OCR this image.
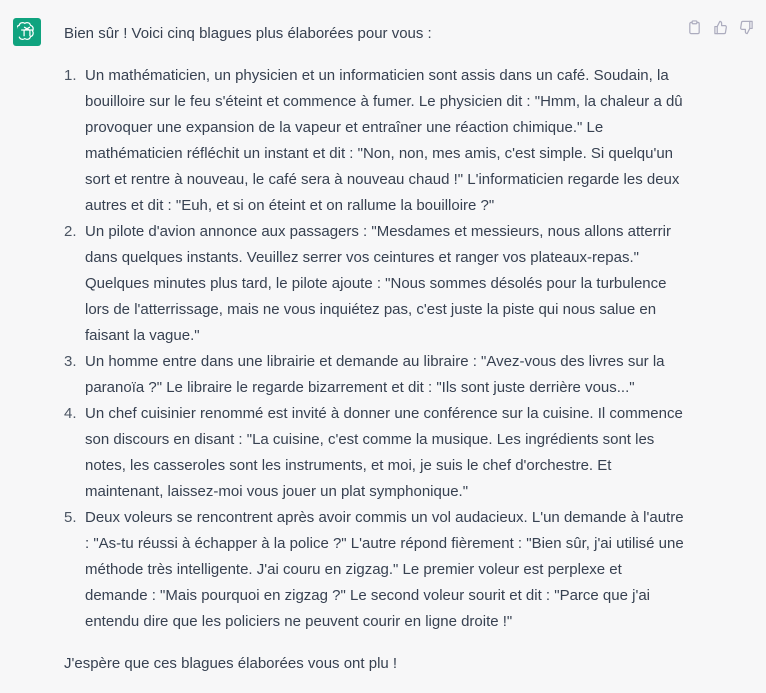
Bien sûr ! Voici cinq blagues plus élaborées pour vous :

1. Un mathématicien, un physicien et un informaticien sont assis dans un café. Soudain, la bouilloire sur le feu s'éteint et commence à fumer. Le physicien dit : "Hmm, la chaleur a dû provoquer une expansion de la vapeur et entraîner une réaction chimique." Le mathématicien réfléchit un instant et dit : "Non, non, mes amis, c'est simple. Si quelqu'un sort et rentre à nouveau, le café sera à nouveau chaud !" L'informaticien regarde les deux autres et dit : "Euh, et si on éteint et on rallume la bouilloire ?"
2. Un pilote d'avion annonce aux passagers : "Mesdames et messieurs, nous allons atterrir dans quelques instants. Veuillez serrer vos ceintures et ranger vos plateaux-repas." Quelques minutes plus tard, le pilote ajoute : "Nous sommes désolés pour la turbulence lors de l'atterrissage, mais ne vous inquiétez pas, c'est juste la piste qui nous salue en faisant la vague."
3. Un homme entre dans une librairie et demande au libraire : "Avez-vous des livres sur la paranoïa ?" Le libraire le regarde bizarrement et dit : "Ils sont juste derrière vous..."
4. Un chef cuisinier renommé est invité à donner une conférence sur la cuisine. Il commence son discours en disant : "La cuisine, c'est comme la musique. Les ingrédients sont les notes, les casseroles sont les instruments, et moi, je suis le chef d'orchestre. Et maintenant, laissez-moi vous jouer un plat symphonique."
5. Deux voleurs se rencontrent après avoir commis un vol audacieux. L'un demande à l'autre : "As-tu réussi à échapper à la police ?" L'autre répond fièrement : "Bien sûr, j'ai utilisé une méthode très intelligente. J'ai couru en zigzag." Le premier voleur est perplexe et demande : "Mais pourquoi en zigzag ?" Le second voleur sourit et dit : "Parce que j'ai entendu dire que les policiers ne peuvent courir en ligne droite !"

J'espère que ces blagues élaborées vous ont plu !
